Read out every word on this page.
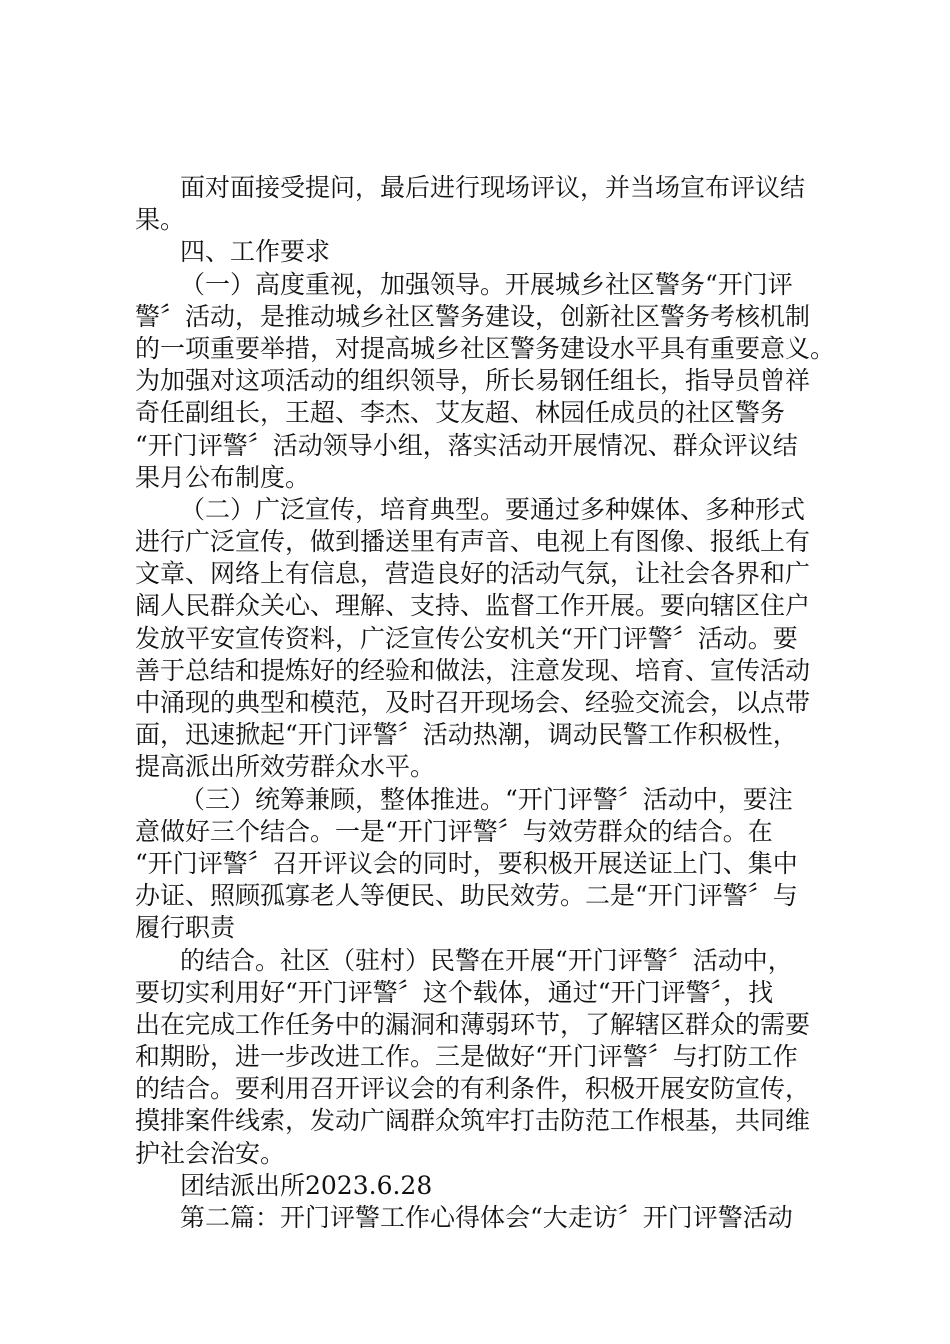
面对面接受提问，最后进行现场评议，并当场宣布评议结
果。
四、工作要求
（一）高度重视，加强领导。开展城乡社区警务“开门评
警〞活动，是推动城乡社区警务建设，创新社区警务考核机制
的一项重要举措，对提高城乡社区警务建设水平具有重要意义。
为加强对这项活动的组织领导，所长易钢任组长，指导员曾祥
奇任副组长，王超、李杰、艾友超、林园任成员的社区警务
“开门评警〞活动领导小组，落实活动开展情况、群众评议结
果月公布制度。
（二）广泛宣传，培育典型。要通过多种媒体、多种形式
进行广泛宣传，做到播送里有声音、电视上有图像、报纸上有
文章、网络上有信息，营造良好的活动气氛，让社会各界和广
阔人民群众关心、理解、支持、监督工作开展。要向辖区住户
发放平安宣传资料，广泛宣传公安机关“开门评警〞活动。要
善于总结和提炼好的经验和做法，注意发现、培育、宣传活动
中涌现的典型和模范，及时召开现场会、经验交流会，以点带
面，迅速掀起“开门评警〞活动热潮，调动民警工作积极性，
提高派出所效劳群众水平。
（三）统筹兼顾，整体推进。“开门评警〞活动中，要注
意做好三个结合。一是“开门评警〞与效劳群众的结合。在
“开门评警〞召开评议会的同时，要积极开展送证上门、集中
办证、照顾孤寡老人等便民、助民效劳。二是“开门评警〞与
履行职责
的结合。社区（驻村）民警在开展“开门评警〞活动中，
要切实利用好“开门评警〞这个载体，通过“开门评警〞，找
出在完成工作任务中的漏洞和薄弱环节，了解辖区群众的需要
和期盼，进一步改进工作。三是做好“开门评警〞与打防工作
的结合。要利用召开评议会的有利条件，积极开展安防宣传，
摸排案件线索，发动广阔群众筑牢打击防范工作根基，共同维
护社会治安。
团结派出所2023.6.28
第二篇：开门评警工作心得体会“大走访〞开门评警活动
